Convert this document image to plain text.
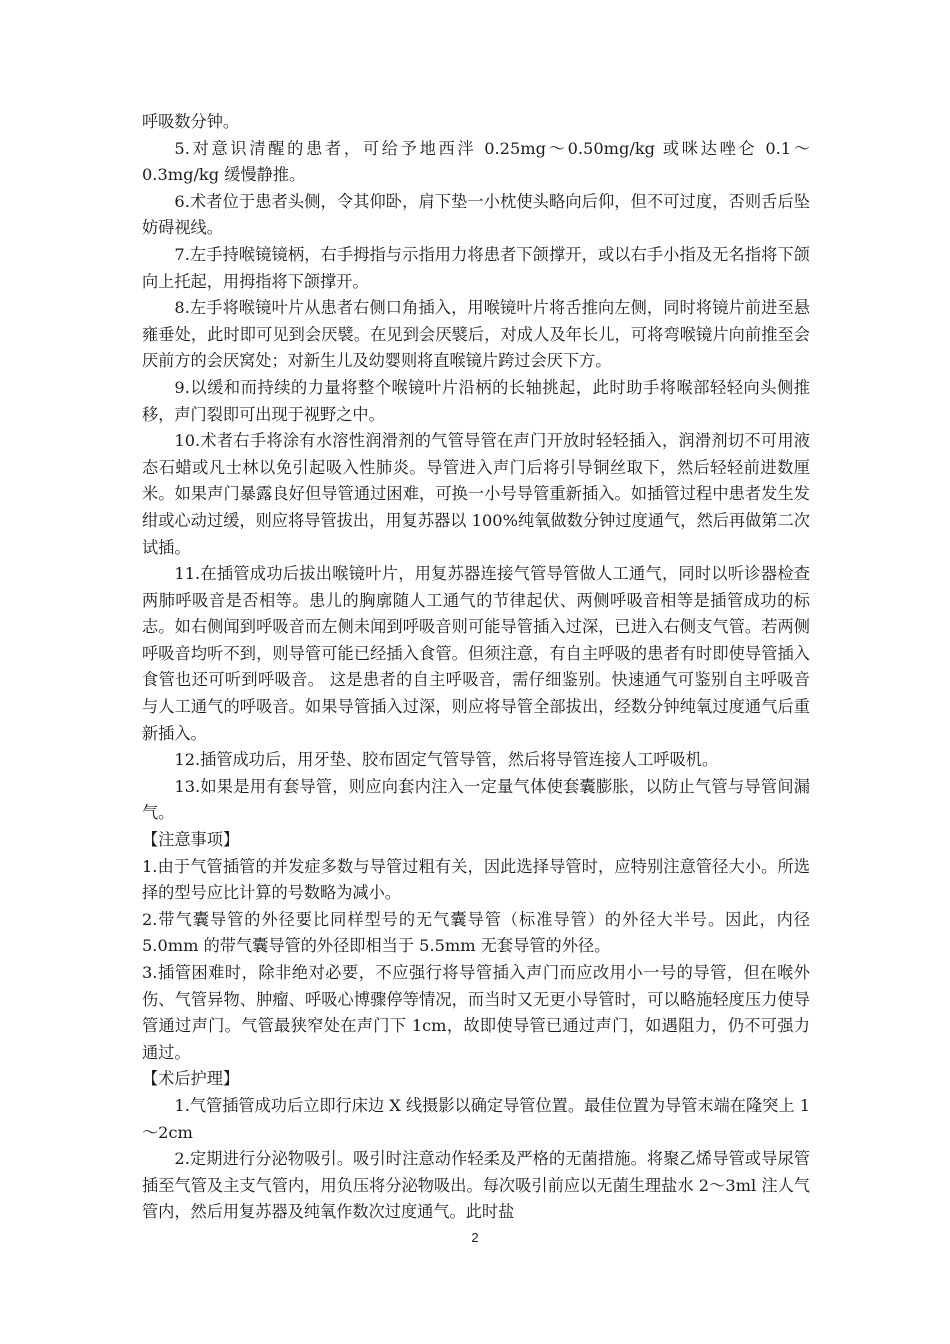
呼吸数分钟。

5.对意识清醒的患者，可给予地西泮 0.25mg～0.50mg/kg 或咪达唑仑 0.1～0.3mg/kg 缓慢静推。

6.术者位于患者头侧，令其仰卧，肩下垫一小枕使头略向后仰，但不可过度，否则舌后坠妨碍视线。

7.左手持喉镜镜柄，右手拇指与示指用力将患者下颌撑开，或以右手小指及无名指将下颌向上托起，用拇指将下颌撑开。

8.左手将喉镜叶片从患者右侧口角插入，用喉镜叶片将舌推向左侧，同时将镜片前进至悬雍垂处，此时即可见到会厌襞。在见到会厌襞后，对成人及年长儿，可将弯喉镜片向前推至会厌前方的会厌窝处；对新生儿及幼婴则将直喉镜片跨过会厌下方。

9.以缓和而持续的力量将整个喉镜叶片沿柄的长轴挑起，此时助手将喉部轻轻向头侧推移，声门裂即可出现于视野之中。

10.术者右手将涂有水溶性润滑剂的气管导管在声门开放时轻轻插入，润滑剂切不可用液态石蜡或凡士林以免引起吸入性肺炎。导管进入声门后将引导铜丝取下，然后轻轻前进数厘米。如果声门暴露良好但导管通过困难，可换一小号导管重新插入。如插管过程中患者发生发绀或心动过缓，则应将导管拔出，用复苏器以 100%纯氧做数分钟过度通气，然后再做第二次试插。

11.在插管成功后拔出喉镜叶片，用复苏器连接气管导管做人工通气，同时以听诊器检查两肺呼吸音是否相等。患儿的胸廓随人工通气的节律起伏、两侧呼吸音相等是插管成功的标志。如右侧闻到呼吸音而左侧未闻到呼吸音则可能导管插入过深，已进入右侧支气管。若两侧呼吸音均听不到，则导管可能已经插入食管。但须注意，有自主呼吸的患者有时即使导管插入食管也还可听到呼吸音。 这是患者的自主呼吸音，需仔细鉴别。快速通气可鉴别自主呼吸音与人工通气的呼吸音。如果导管插入过深，则应将导管全部拔出，经数分钟纯氧过度通气后重新插入。

12.插管成功后，用牙垫、胶布固定气管导管，然后将导管连接人工呼吸机。

13.如果是用有套导管，则应向套内注入一定量气体使套囊膨胀，以防止气管与导管间漏气。

【注意事项】

1.由于气管插管的并发症多数与导管过粗有关，因此选择导管时，应特别注意管径大小。所选择的型号应比计算的号数略为减小。

2.带气囊导管的外径要比同样型号的无气囊导管（标准导管）的外径大半号。因此，内径 5.0mm 的带气囊导管的外径即相当于 5.5mm 无套导管的外径。

3.插管困难时，除非绝对必要，不应强行将导管插入声门而应改用小一号的导管，但在喉外伤、气管异物、肿瘤、呼吸心博骤停等情况，而当时又无更小导管时，可以略施轻度压力使导管通过声门。气管最狭窄处在声门下 1cm，故即使导管已通过声门，如遇阻力，仍不可强力通过。

【术后护理】

1.气管插管成功后立即行床边 X 线摄影以确定导管位置。最佳位置为导管末端在隆突上 1～2cm

2.定期进行分泌物吸引。吸引时注意动作轻柔及严格的无菌措施。将聚乙烯导管或导尿管插至气管及主支气管内，用负压将分泌物吸出。每次吸引前应以无菌生理盐水 2～3ml 注人气管内，然后用复苏器及纯氧作数次过度通气。此时盐

2
